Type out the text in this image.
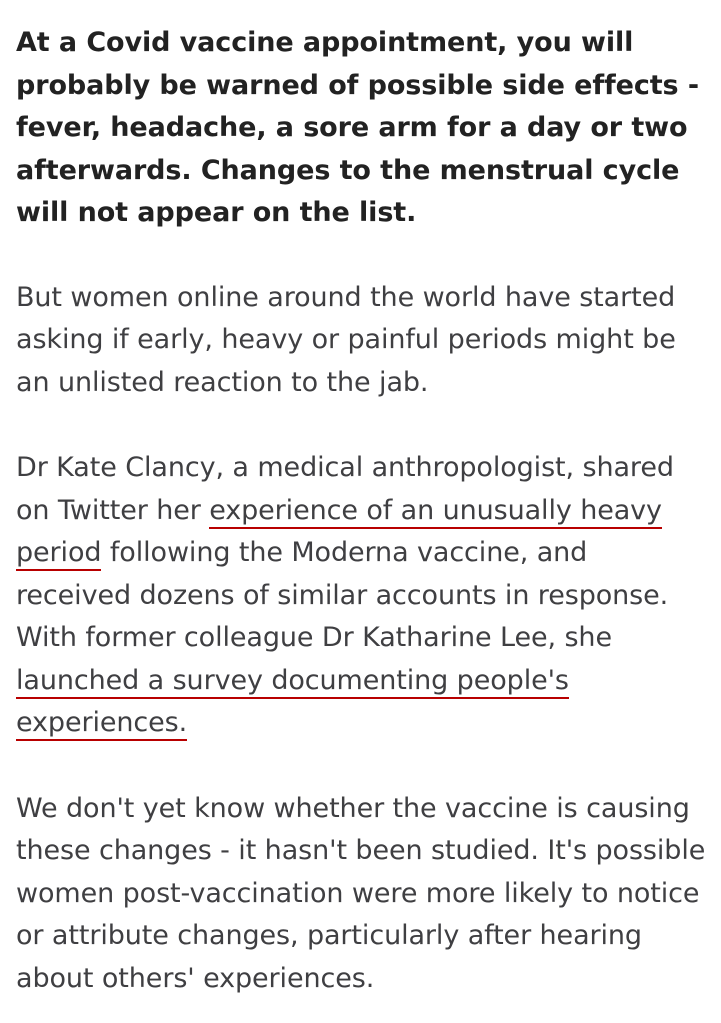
At a Covid vaccine appointment, you will probably be warned of possible side effects - fever, headache, a sore arm for a day or two afterwards. Changes to the menstrual cycle will not appear on the list.

But women online around the world have started asking if early, heavy or painful periods might be an unlisted reaction to the jab.

Dr Kate Clancy, a medical anthropologist, shared on Twitter her experience of an unusually heavy period following the Moderna vaccine, and received dozens of similar accounts in response. With former colleague Dr Katharine Lee, she launched a survey documenting people's experiences.

We don't yet know whether the vaccine is causing these changes - it hasn't been studied. It's possible women post-vaccination were more likely to notice or attribute changes, particularly after hearing about others' experiences.
